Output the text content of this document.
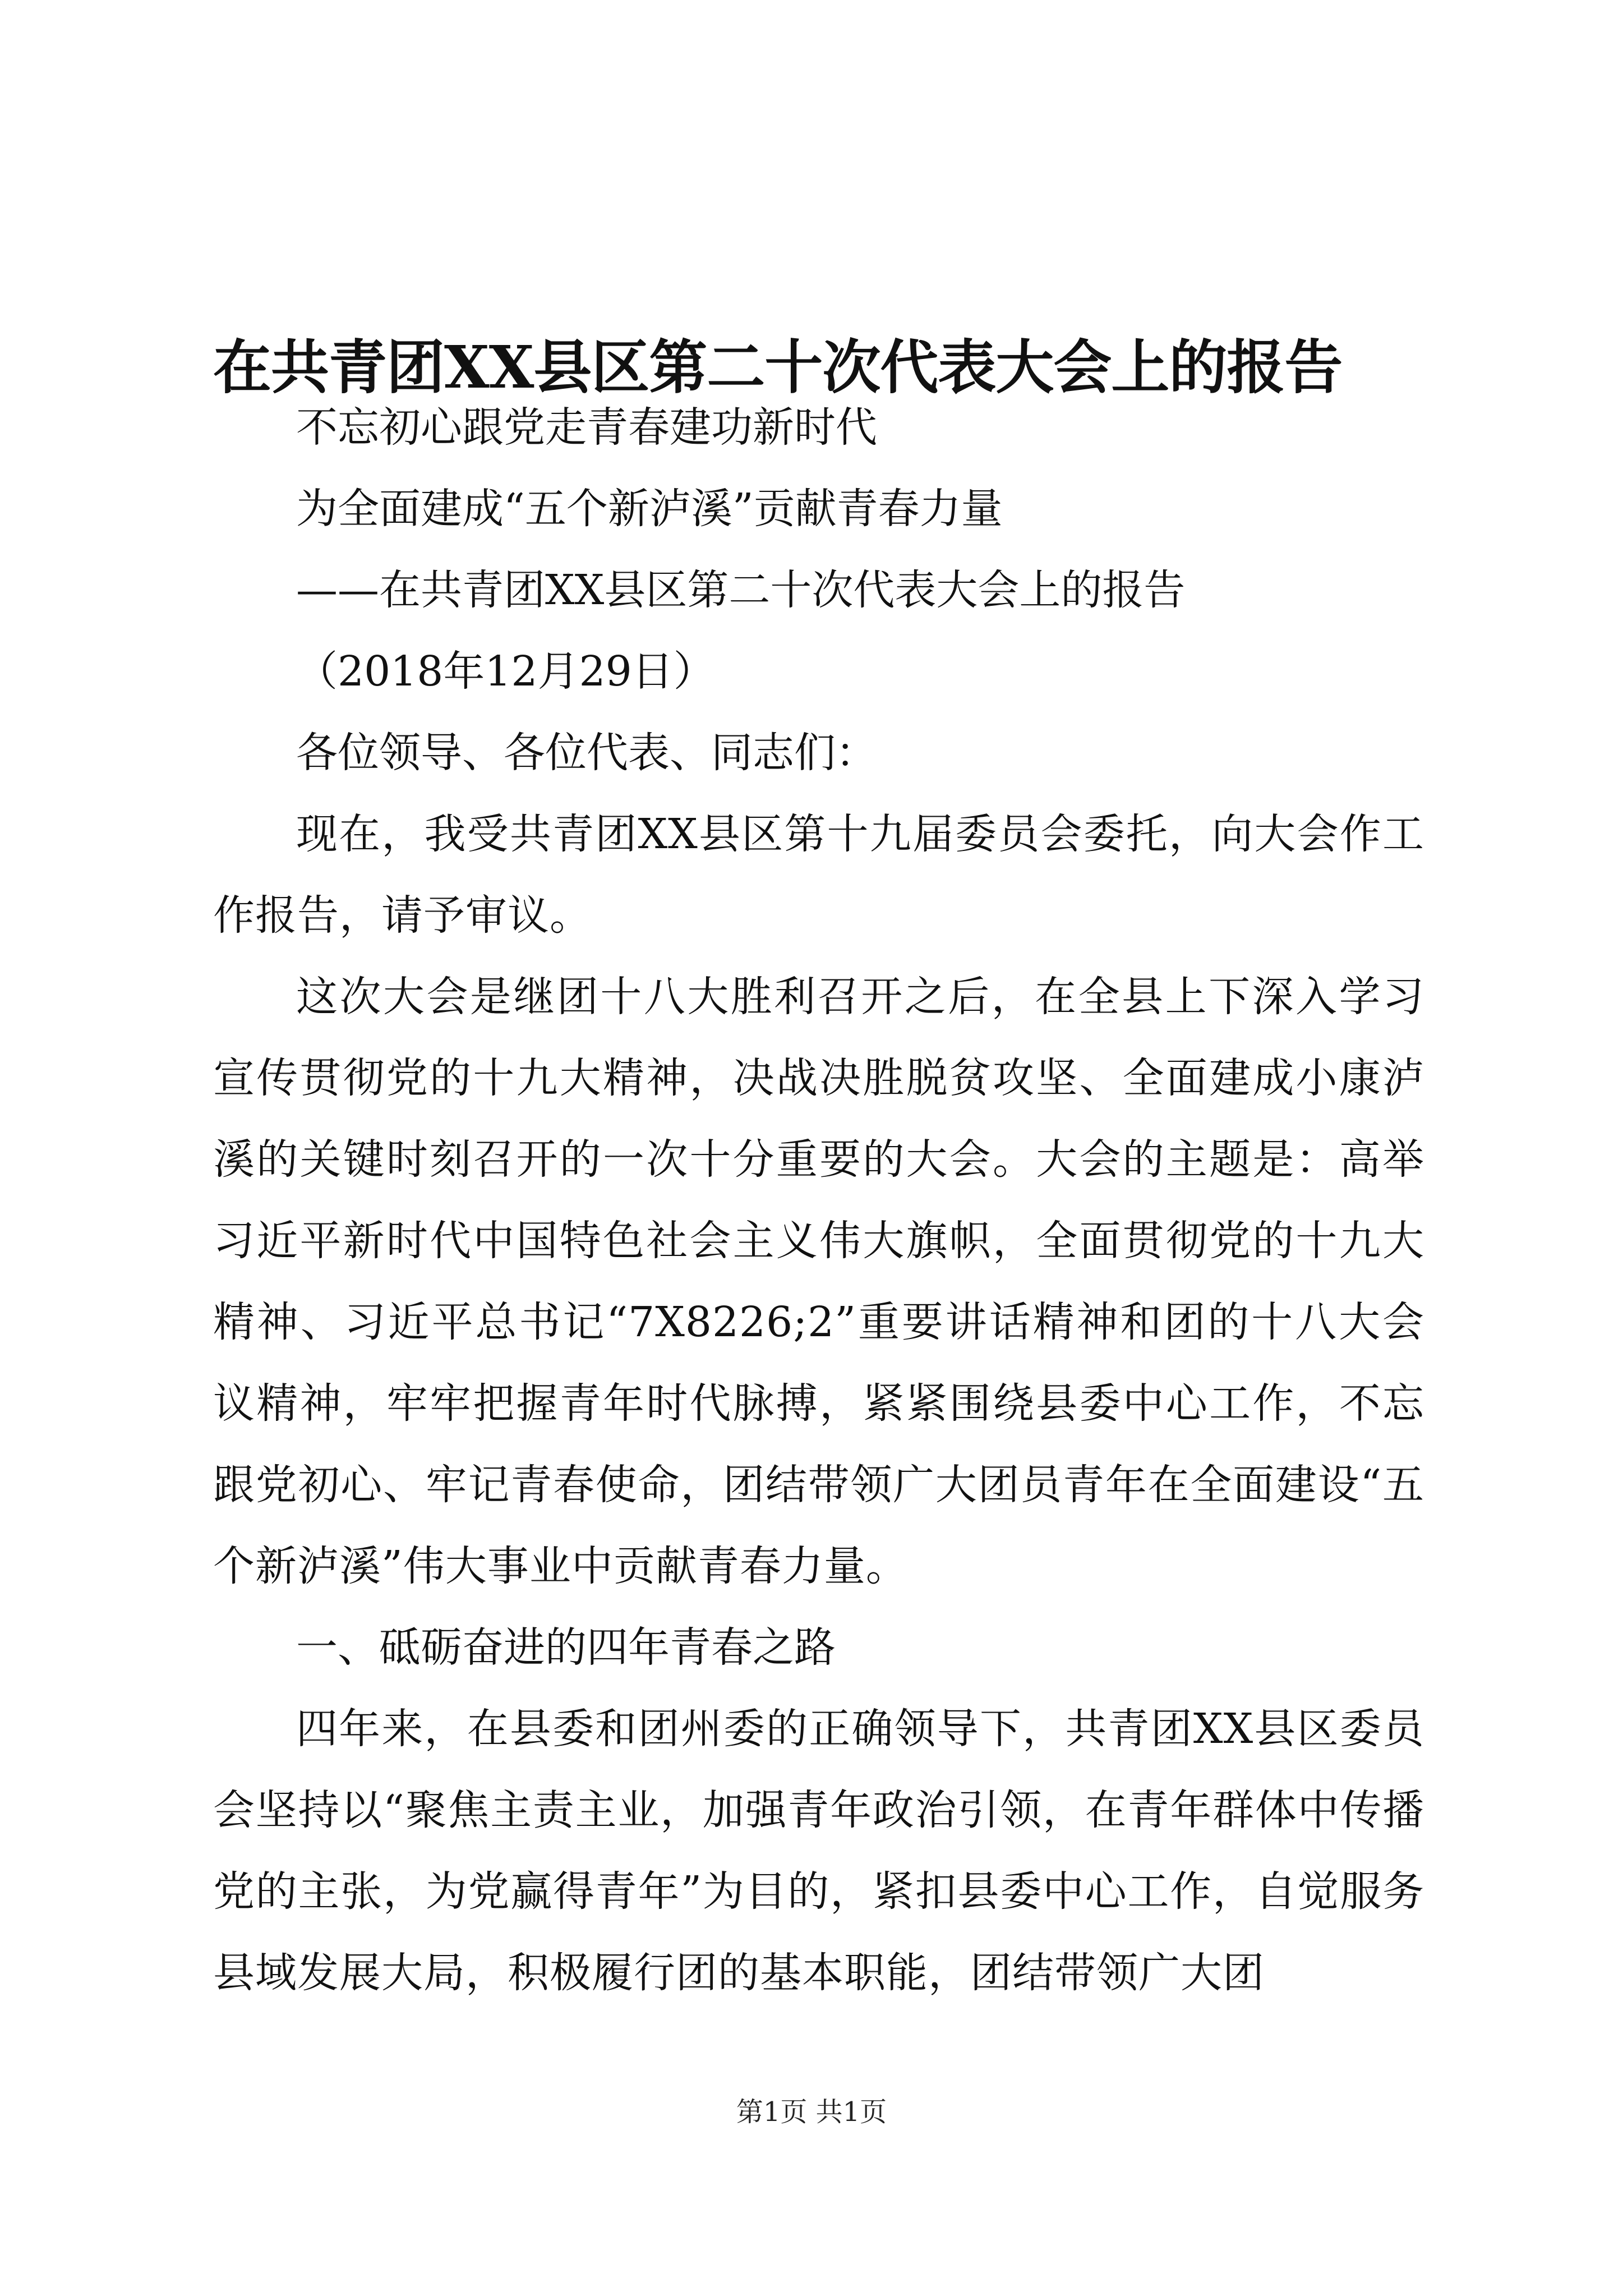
在共青团XX县区第二十次代表大会上的报告

不忘初心跟党走青春建功新时代

为全面建成“五个新泸溪”贡献青春力量

——在共青团XX县区第二十次代表大会上的报告

（2018年12月29日）

各位领导、各位代表、同志们：

现在，我受共青团XX县区第十九届委员会委托，向大会作工作报告，请予审议。

这次大会是继团十八大胜利召开之后，在全县上下深入学习宣传贯彻党的十九大精神，决战决胜脱贫攻坚、全面建成小康泸溪的关键时刻召开的一次十分重要的大会。大会的主题是：高举习近平新时代中国特色社会主义伟大旗帜，全面贯彻党的十九大精神、习近平总书记“7X8226;2”重要讲话精神和团的十八大会议精神，牢牢把握青年时代脉搏，紧紧围绕县委中心工作，不忘跟党初心、牢记青春使命，团结带领广大团员青年在全面建设“五个新泸溪”伟大事业中贡献青春力量。

一、砥砺奋进的四年青春之路

四年来，在县委和团州委的正确领导下，共青团XX县区委员会坚持以“聚焦主责主业，加强青年政治引领，在青年群体中传播党的主张，为党赢得青年”为目的，紧扣县委中心工作，自觉服务县域发展大局，积极履行团的基本职能，团结带领广大团

第1页 共1页
